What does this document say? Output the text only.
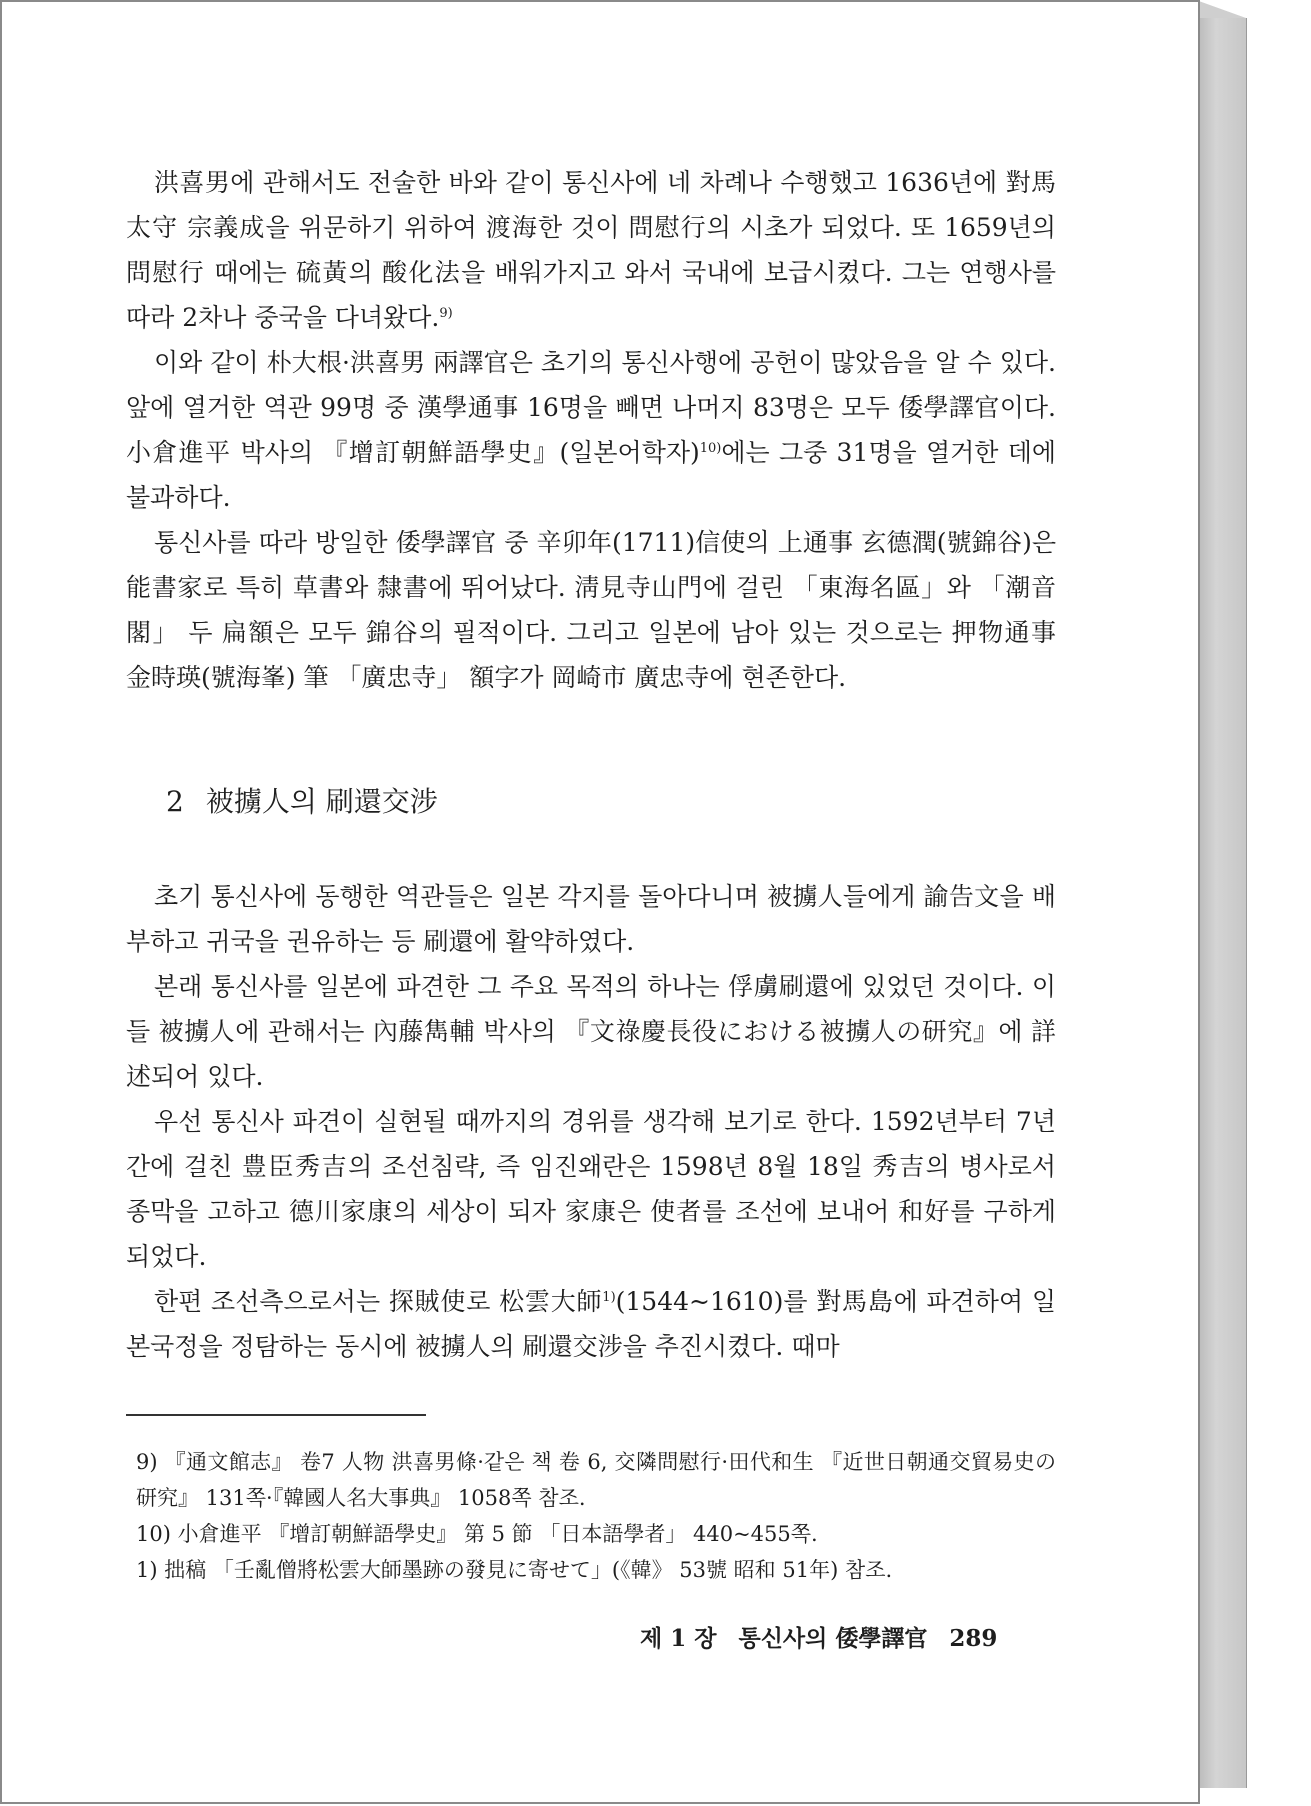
洪喜男에 관해서도 전술한 바와 같이 통신사에 네 차례나 수행했고 1636년에 對馬太守 宗義成을 위문하기 위하여 渡海한 것이 問慰行의 시초가 되었다. 또 1659년의 問慰行 때에는 硫黃의 酸化法을 배워가지고 와서 국내에 보급시켰다. 그는 연행사를 따라 2차나 중국을 다녀왔다.$^{9)}$

이와 같이 朴大根·洪喜男 兩譯官은 초기의 통신사행에 공헌이 많았음을 알 수 있다. 앞에 열거한 역관 99명 중 漢學通事 16명을 빼면 나머지 83명은 모두 倭學譯官이다. 小倉進平 박사의 『增訂朝鮮語學史』(일본어학자)$^{10)}$에는 그중 31명을 열거한 데에 불과하다.

통신사를 따라 방일한 倭學譯官 중 辛卯年(1711)信使의 上通事 玄德潤(號錦谷)은 能書家로 특히 草書와 隸書에 뛰어났다. 淸見寺山門에 걸린 「東海名區」와 「潮音閣」 두 扁額은 모두 錦谷의 필적이다. 그리고 일본에 남아 있는 것으로는 押物通事 金時瑛(號海峯) 筆 「廣忠寺」 額字가 岡崎市 廣忠寺에 현존한다.

2 被擄人의 刷還交涉

초기 통신사에 동행한 역관들은 일본 각지를 돌아다니며 被擄人들에게 諭告文을 배부하고 귀국을 권유하는 등 刷還에 활약하였다.

본래 통신사를 일본에 파견한 그 주요 목적의 하나는 俘虜刷還에 있었던 것이다. 이들 被擄人에 관해서는 內藤雋輔 박사의 『文祿慶長役における被擄人の研究』에 詳述되어 있다.

우선 통신사 파견이 실현될 때까지의 경위를 생각해 보기로 한다. 1592년부터 7년간에 걸친 豊臣秀吉의 조선침략, 즉 임진왜란은 1598년 8월 18일 秀吉의 병사로서 종막을 고하고 德川家康의 세상이 되자 家康은 使者를 조선에 보내어 和好를 구하게 되었다.

한편 조선측으로서는 探賊使로 松雲大師$^{1)}$(1544~1610)를 對馬島에 파견하여 일본국정을 정탐하는 동시에 被擄人의 刷還交涉을 추진시켰다. 때마

9) 『通文館志』 卷7 人物 洪喜男條·같은 책 卷 6, 交隣問慰行·田代和生 『近世日朝通交貿易史の研究』 131쪽·『韓國人名大事典』 1058쪽 참조.

10) 小倉進平 『增訂朝鮮語學史』 第 5 節 「日本語學者」 440~455쪽.

1) 拙稿 「壬亂僧將松雲大師墨跡の發見に寄せて」(《韓》 53號 昭和 51年) 참조.

제 1 장 통신사의 倭學譯官 289
